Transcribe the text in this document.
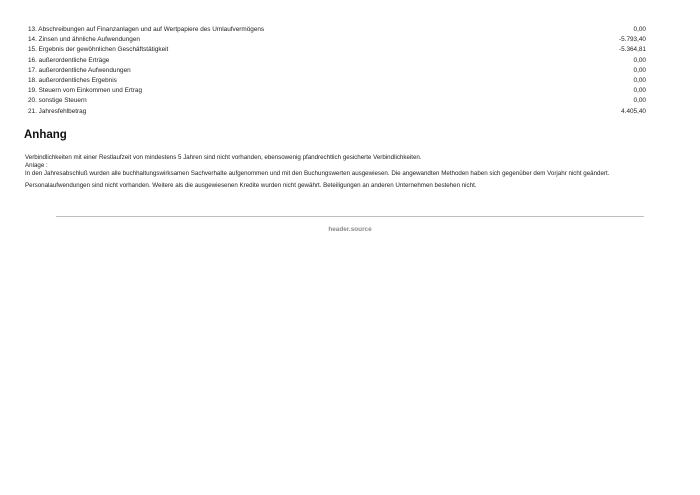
13. Abschreibungen auf Finanzanlagen und auf Wertpapiere des Umlaufvermögens	0,00
14. Zinsen und ähnliche Aufwendungen	-5.793,40
15. Ergebnis der gewöhnlichen Geschäftstätigkeit	-5.364,81
16. außerordentliche Erträge	0,00
17. außerordentliche Aufwendungen	0,00
18. außerordentliches Ergebnis	0,00
19. Steuern vom Einkommen und Ertrag	0,00
20. sonstige Steuern	0,00
21. Jahresfehlbetrag	4.405,40
Anhang

Verbindlichkeiten mit einer Restlaufzeit von mindestens 5 Jahren sind nicht vorhanden, ebensowenig pfandrechtlich gesicherte Verbindlichkeiten.

Anlage :

In den Jahresabschluß wurden alle buchhaltungswirksamen Sachverhalte aufgenommen und mit den Buchungswerten ausgewiesen. Die angewandten Methoden haben sich gegenüber dem Vorjahr nicht geändert.

Personalaufwendungen sind nicht vorhanden. Weitere als die ausgewiesenen Kredite wurden nicht gewährt. Beteiligungen an anderen Unternehmen bestehen nicht.

header.source
